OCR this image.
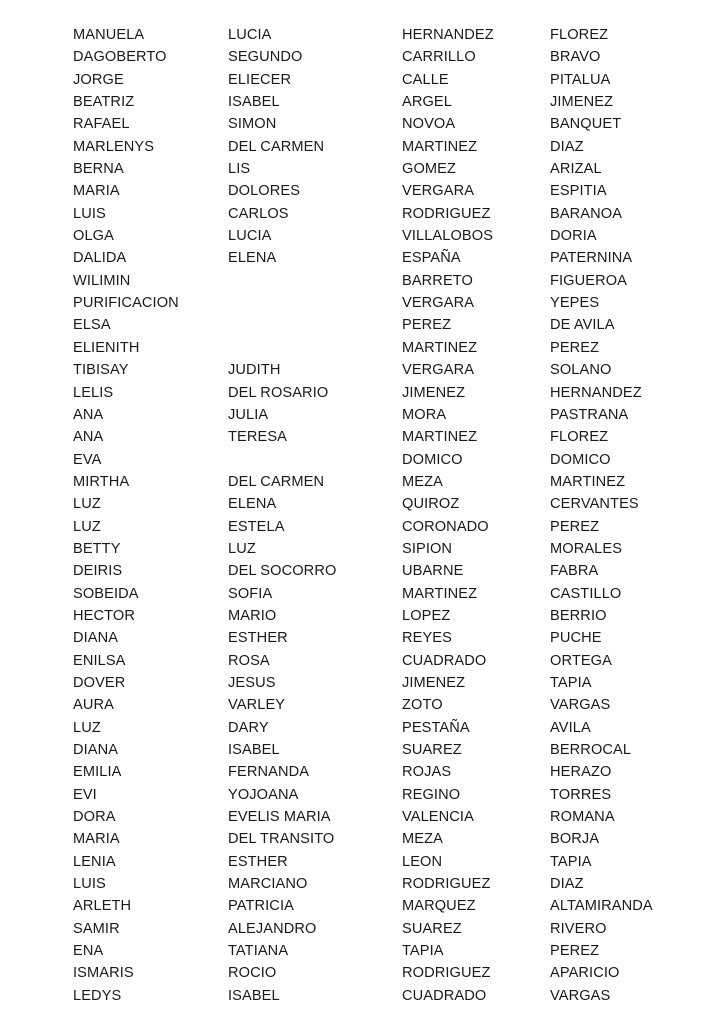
MANUELA	LUCIA	HERNANDEZ	FLOREZ
DAGOBERTO	SEGUNDO	CARRILLO	BRAVO
JORGE	ELIECER	CALLE	PITALUA
BEATRIZ	ISABEL	ARGEL	JIMENEZ
RAFAEL	SIMON	NOVOA	BANQUET
MARLENYS	DEL CARMEN	MARTINEZ	DIAZ
BERNA	LIS	GOMEZ	ARIZAL
MARIA	DOLORES	VERGARA	ESPITIA
LUIS	CARLOS	RODRIGUEZ	BARANOA
OLGA	LUCIA	VILLALOBOS	DORIA
DALIDA	ELENA	ESPAÑA	PATERNINA
WILIMIN		BARRETO	FIGUEROA
PURIFICACION		VERGARA	YEPES
ELSA		PEREZ	DE AVILA
ELIENITH		MARTINEZ	PEREZ
TIBISAY	JUDITH	VERGARA	SOLANO
LELIS	DEL ROSARIO	JIMENEZ	HERNANDEZ
ANA	JULIA	MORA	PASTRANA
ANA	TERESA	MARTINEZ	FLOREZ
EVA		DOMICO	DOMICO
MIRTHA	DEL CARMEN	MEZA	MARTINEZ
LUZ	ELENA	QUIROZ	CERVANTES
LUZ	ESTELA	CORONADO	PEREZ
BETTY	LUZ	SIPION	MORALES
DEIRIS	DEL SOCORRO	UBARNE	FABRA
SOBEIDA	SOFIA	MARTINEZ	CASTILLO
HECTOR	MARIO	LOPEZ	BERRIO
DIANA	ESTHER	REYES	PUCHE
ENILSA	ROSA	CUADRADO	ORTEGA
DOVER	JESUS	JIMENEZ	TAPIA
AURA	VARLEY	ZOTO	VARGAS
LUZ	DARY	PESTAÑA	AVILA
DIANA	ISABEL	SUAREZ	BERROCAL
EMILIA	FERNANDA	ROJAS	HERAZO
EVI	YOJOANA	REGINO	TORRES
DORA	EVELIS MARIA	VALENCIA	ROMANA
MARIA	DEL TRANSITO	MEZA	BORJA
LENIA	ESTHER	LEON	TAPIA
LUIS	MARCIANO	RODRIGUEZ	DIAZ
ARLETH	PATRICIA	MARQUEZ	ALTAMIRANDA
SAMIR	ALEJANDRO	SUAREZ	RIVERO
ENA	TATIANA	TAPIA	PEREZ
ISMARIS	ROCIO	RODRIGUEZ	APARICIO
LEDYS	ISABEL	CUADRADO	VARGAS
